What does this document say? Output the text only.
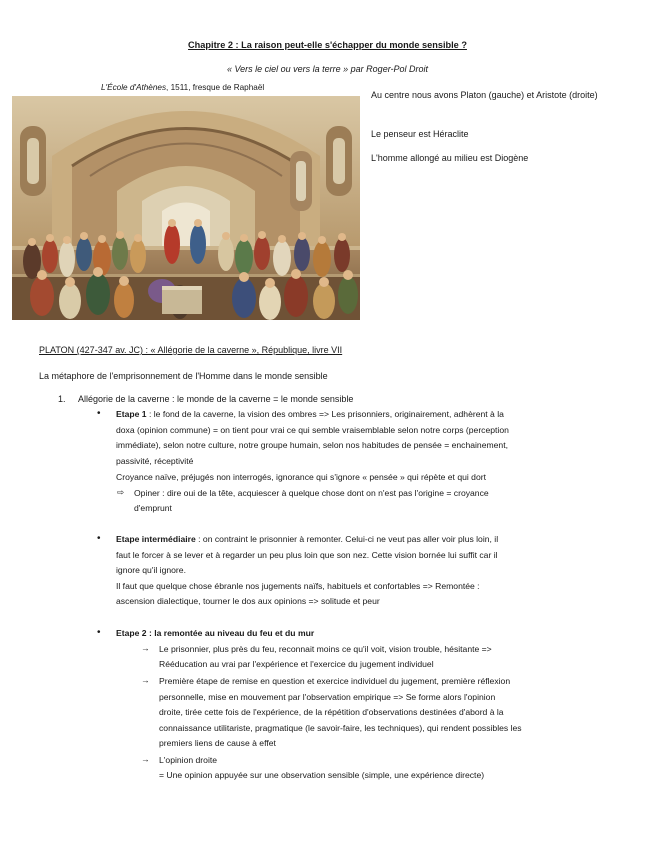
Chapitre 2 : La raison peut-elle s'échapper du monde sensible ?
« Vers le ciel ou vers la terre » par Roger-Pol Droit
L'École d'Athènes, 1511, fresque de Raphaël
Au centre nous avons Platon (gauche) et Aristote (droite)
Le penseur est Héraclite
L'homme allongé au milieu est Diogène
PLATON (427-347 av. JC) : « Allégorie de la caverne », République, livre VII
La métaphore de l'emprisonnement de l'Homme dans le monde sensible
1. Allégorie de la caverne : le monde de la caverne = le monde sensible
• Etape 1 : le fond de la caverne, la vision des ombres => Les prisonniers, originairement, adhèrent à la
doxa (opinion commune) = on tient pour vrai ce qui semble vraisemblable selon notre corps (perception
immédiate), selon notre culture, notre groupe humain, selon nos habitudes de pensée = enchainement,
passivité, réceptivité
Croyance naïve, préjugés non interrogés, ignorance qui s'ignore « pensée » qui répète et qui dort
⇨ Opiner : dire oui de la tête, acquiescer à quelque chose dont on n'est pas l'origine = croyance
d'emprunt
• Etape intermédiaire : on contraint le prisonnier à remonter. Celui-ci ne veut pas aller voir plus loin, il
faut le forcer à se lever et à regarder un peu plus loin que son nez. Cette vision bornée lui suffit car il
ignore qu'il ignore.
Il faut que quelque chose ébranle nos jugements naïfs, habituels et confortables => Remontée :
ascension dialectique, tourner le dos aux opinions => solitude et peur
• Etape 2 : la remontée au niveau du feu et du mur
→ Le prisonnier, plus près du feu, reconnait moins ce qu'il voit, vision trouble, hésitante =>
Rééducation au vrai par l'expérience et l'exercice du jugement individuel
→ Première étape de remise en question et exercice individuel du jugement, première réflexion
personnelle, mise en mouvement par l'observation empirique => Se forme alors l'opinion
droite, tirée cette fois de l'expérience, de la répétition d'observations destinées d'abord à la
connaissance utilitariste, pragmatique (le savoir-faire, les techniques), qui rendent possibles les
premiers liens de cause à effet
→ L'opinion droite
= Une opinion appuyée sur une observation sensible (simple, une expérience directe)
